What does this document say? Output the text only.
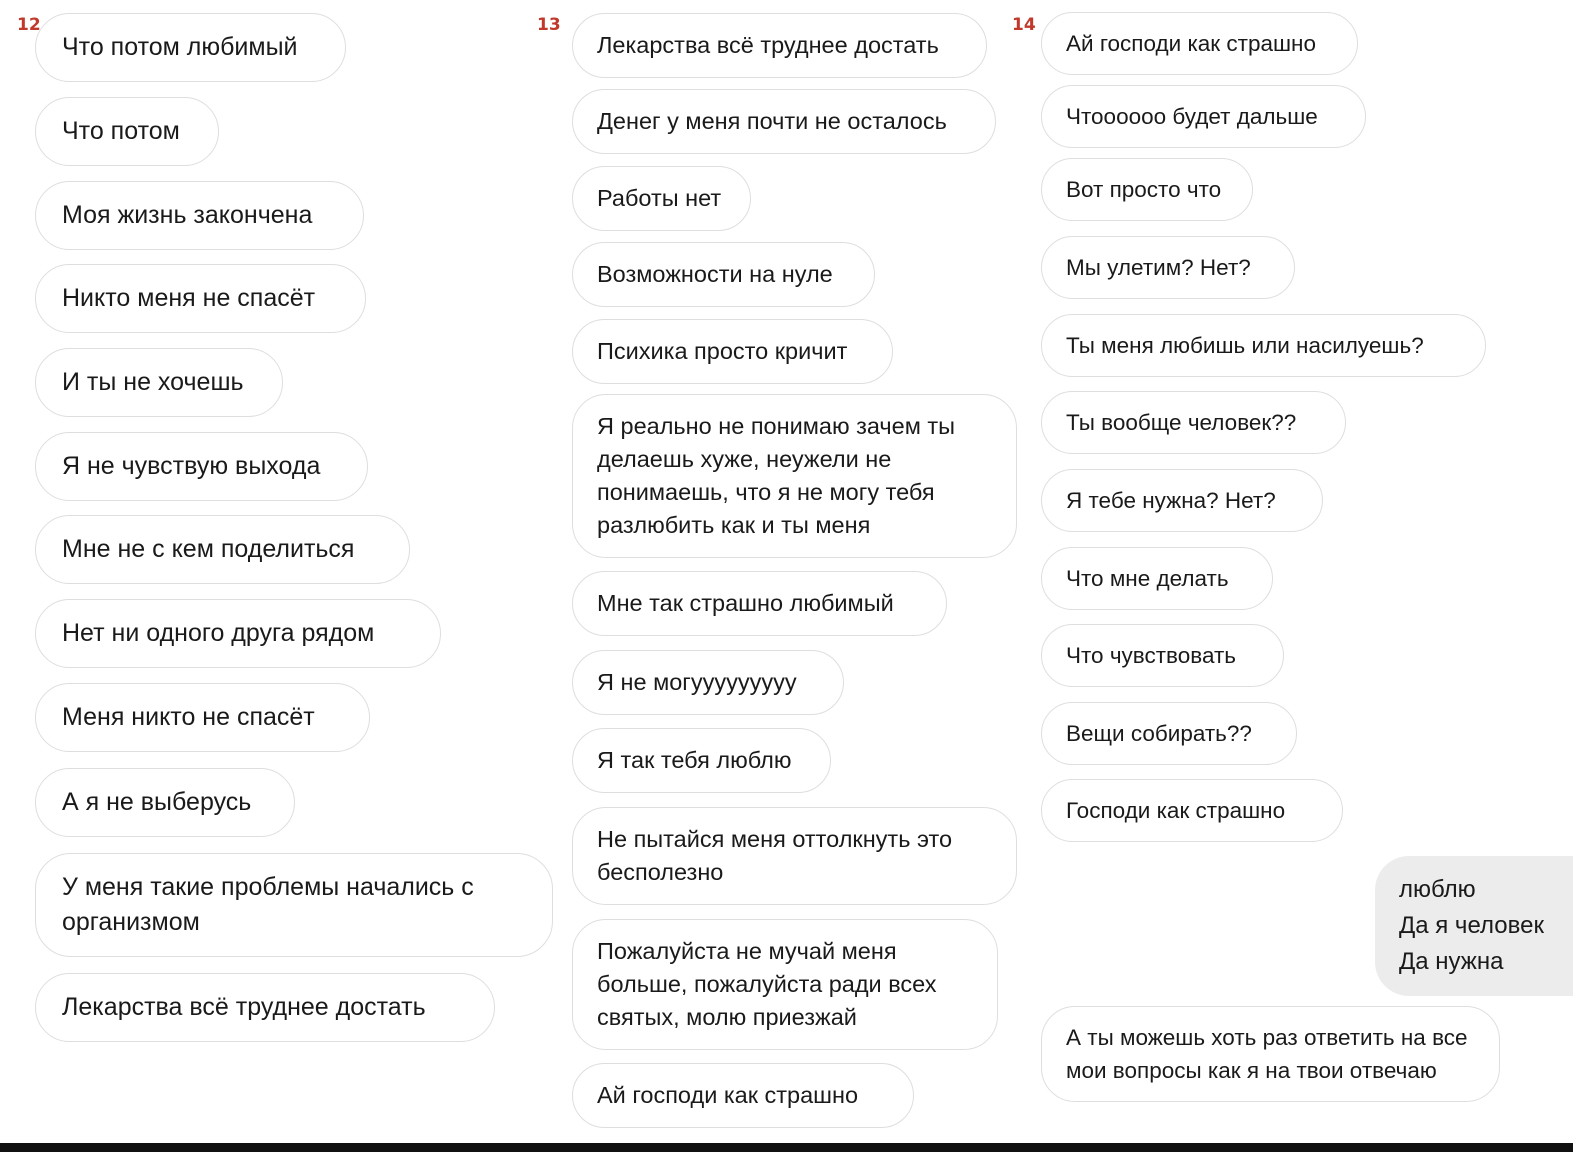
12
Что потом любимый
Что потом
Моя жизнь закончена
Никто меня не спасёт
И ты не хочешь
Я не чувствую выхода
Мне не с кем поделиться
Нет ни одного друга рядом
Меня никто не спасёт
А я не выберусь
У меня такие проблемы начались с организмом
Лекарства всё труднее достать
13
Лекарства всё труднее достать
Денег у меня почти не осталось
Работы нет
Возможности на нуле
Психика просто кричит
Я реально не понимаю зачем ты делаешь хуже, неужели не понимаешь, что я не могу тебя разлюбить как и ты меня
Мне так страшно любимый
Я не могууууууууу
Я так тебя люблю
Не пытайся меня оттолкнуть это бесполезно
Пожалуйста не мучай меня больше, пожалуйста ради всех святых, молю приезжай
Ай господи как страшно
14
Ай господи как страшно
Чтоооооо будет дальше
Вот просто что
Мы улетим? Нет?
Ты меня любишь или насилуешь?
Ты вообще человек??
Я тебе нужна? Нет?
Что мне делать
Что чувствовать
Вещи собирать??
Господи как страшно
люблю
Да я человек
Да нужна
А ты можешь хоть раз ответить на все мои вопросы как я на твои отвечаю
